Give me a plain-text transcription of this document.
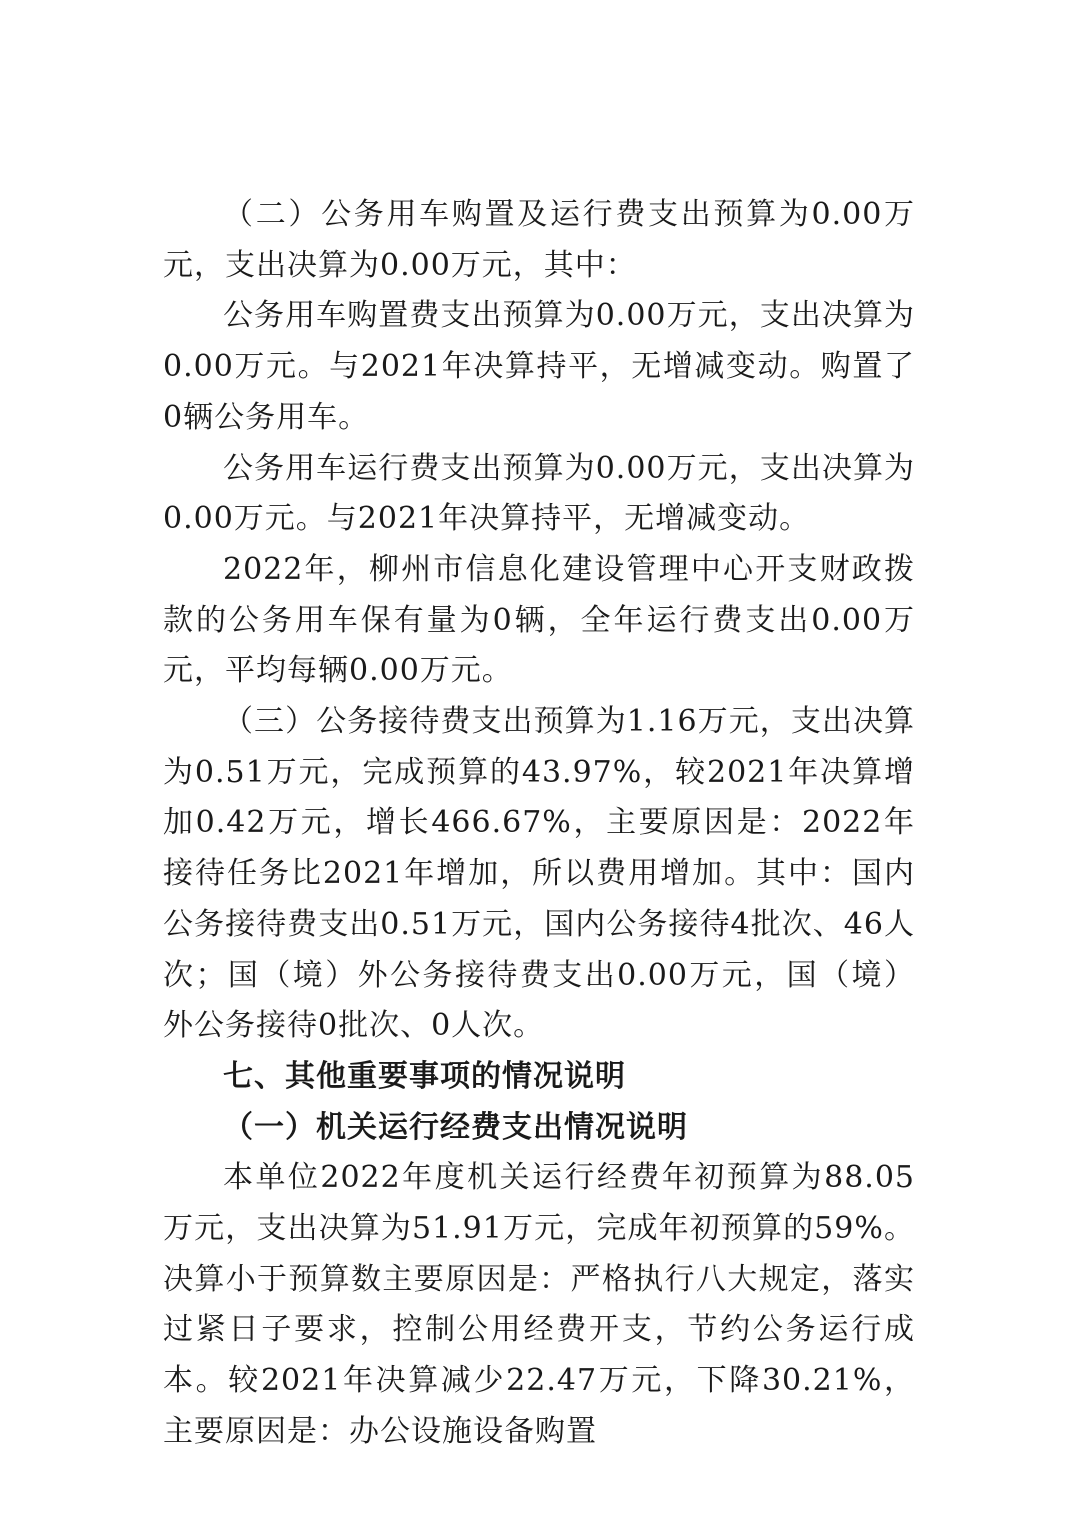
（二）公务用车购置及运行费支出预算为0.00万元，支出决算为0.00万元，其中：

公务用车购置费支出预算为0.00万元，支出决算为0.00万元。与2021年决算持平，无增减变动。购置了0辆公务用车。

公务用车运行费支出预算为0.00万元，支出决算为0.00万元。与2021年决算持平，无增减变动。

2022年，柳州市信息化建设管理中心开支财政拨款的公务用车保有量为0辆，全年运行费支出0.00万元，平均每辆0.00万元。

（三）公务接待费支出预算为1.16万元，支出决算为0.51万元，完成预算的43.97%，较2021年决算增加0.42万元，增长466.67%，主要原因是：2022年接待任务比2021年增加，所以费用增加。其中：国内公务接待费支出0.51万元，国内公务接待4批次、46人次；国（境）外公务接待费支出0.00万元，国（境）外公务接待0批次、0人次。

七、其他重要事项的情况说明

（一）机关运行经费支出情况说明

本单位2022年度机关运行经费年初预算为88.05万元，支出决算为51.91万元，完成年初预算的59%。决算小于预算数主要原因是：严格执行八大规定，落实过紧日子要求，控制公用经费开支，节约公务运行成本。较2021年决算减少22.47万元，下降30.21%，主要原因是：办公设施设备购置
